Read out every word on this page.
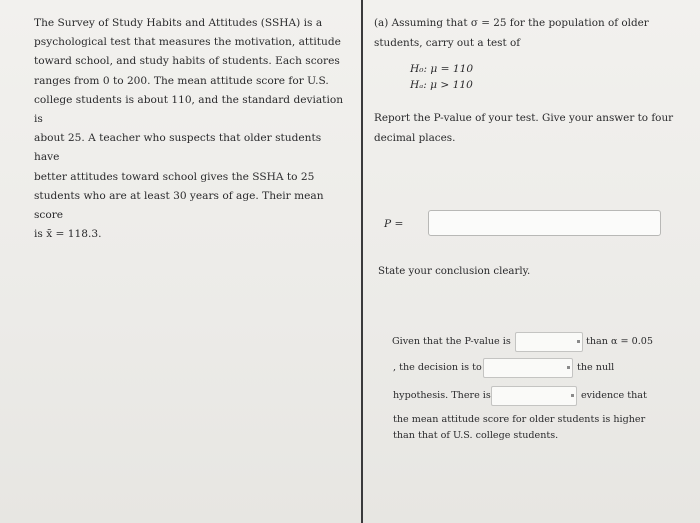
The Survey of Study Habits and Attitudes (SSHA) is a
psychological test that measures the motivation, attitude
toward school, and study habits of students. Each scores
ranges from 0 to 200. The mean attitude score for U.S.
college students is about 110, and the standard deviation is
about 25. A teacher who suspects that older students have
better attitudes toward school gives the SSHA to 25
students who are at least 30 years of age. Their mean score
is x̄ = 118.3.
(a) Assuming that σ = 25 for the population of older
students, carry out a test of
H₀: μ = 110
Hₐ: μ > 110
Report the P-value of your test. Give your answer to four
decimal places.
P =
State your conclusion clearly.
Given that the P-value is	than α = 0.05
, the decision is to	the null
hypothesis. There is	evidence that
the mean attitude score for older students is higher
than that of U.S. college students.
